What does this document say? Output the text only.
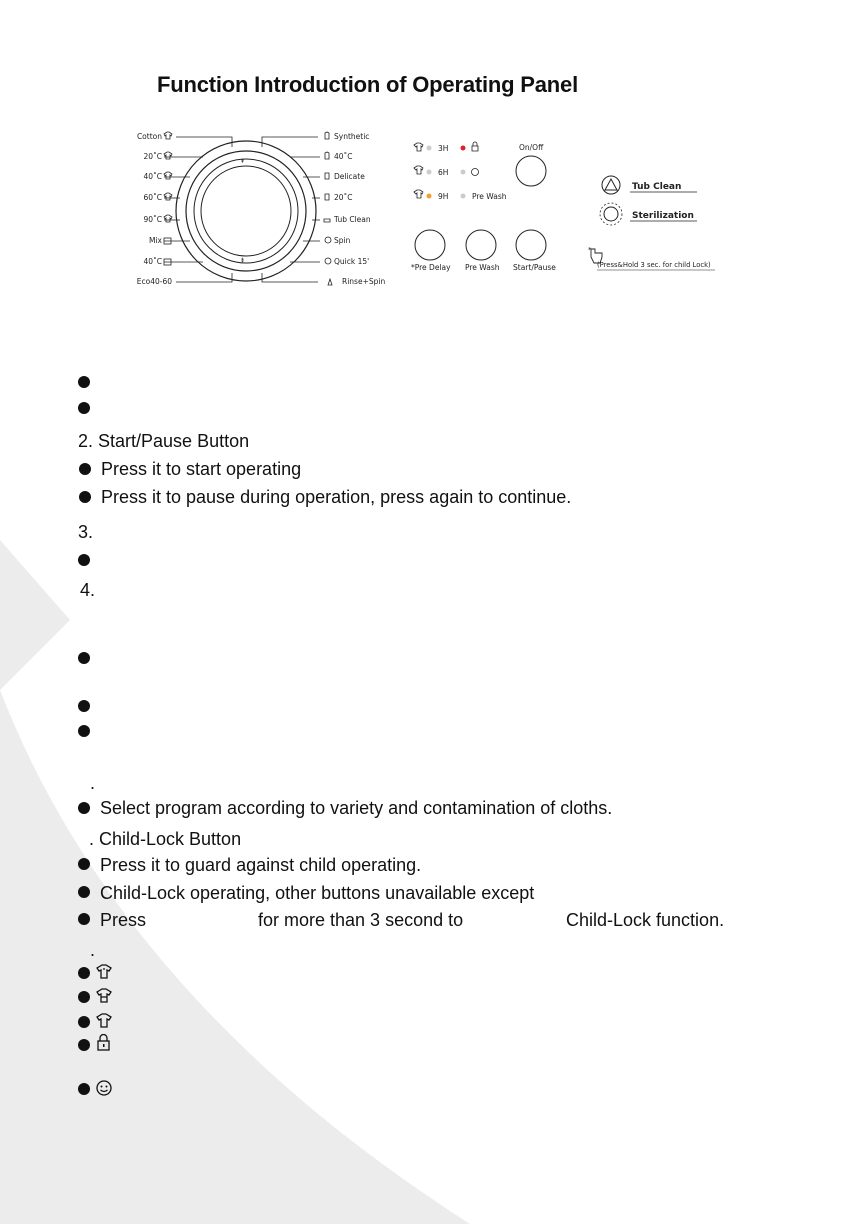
Function Introduction of Operating Panel
⇞
⇟
Cotton
20˚C
40˚C
60˚C
90˚C
Mix
40˚C
Eco40-60
Synthetic
40˚C
Delicate
20˚C
Tub Clean
Spin
Quick 15'
Rinse+Spin
3H
6H
9H	Pre Wash
On/Off
*Pre Delay Pre Wash Start/Pause
Tub Clean
Sterilization
*
(Press&Hold 3 sec. for child Lock)
2. Start/Pause Button
Press it to start operating
Press it to pause during operation, press again to continue.
3.
4.
.
Select program according to variety and contamination of cloths.
. Child-Lock Button
Press it to guard against child operating.
Child-Lock operating, other buttons unavailable except
Press	for more than 3 second to	Child-Lock function.
.
